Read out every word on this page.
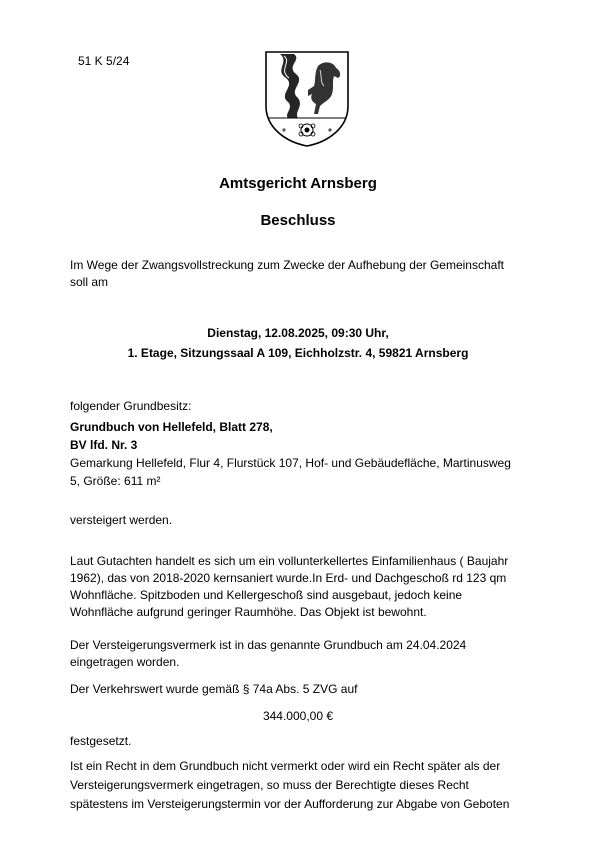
51 K 5/24
Amtsgericht Arnsberg
Beschluss

Im Wege der Zwangsvollstreckung zum Zwecke der Aufhebung der Gemeinschaft

soll am

Dienstag, 12.08.2025, 09:30 Uhr,

1. Etage, Sitzungssaal A 109, Eichholzstr. 4, 59821 Arnsberg

folgender Grundbesitz:

Grundbuch von Hellefeld, Blatt 278,

BV lfd. Nr. 3

Gemarkung Hellefeld, Flur 4, Flurstück 107, Hof- und Gebäudefläche, Martinusweg

5, Größe: 611 m²

versteigert werden.

Laut Gutachten handelt es sich um ein vollunterkellertes Einfamilienhaus ( Baujahr

1962), das von 2018-2020 kernsaniert wurde.In Erd- und Dachgeschoß rd 123 qm

Wohnfläche. Spitzboden und Kellergeschoß sind ausgebaut, jedoch keine

Wohnfläche aufgrund geringer Raumhöhe. Das Objekt ist bewohnt.

Der Versteigerungsvermerk ist in das genannte Grundbuch am 24.04.2024

eingetragen worden.

Der Verkehrswert wurde gemäß § 74a Abs. 5 ZVG auf
344.000,00 €
festgesetzt.

Ist ein Recht in dem Grundbuch nicht vermerkt oder wird ein Recht später als der

Versteigerungsvermerk eingetragen, so muss der Berechtigte dieses Recht

spätestens im Versteigerungstermin vor der Aufforderung zur Abgabe von Geboten
